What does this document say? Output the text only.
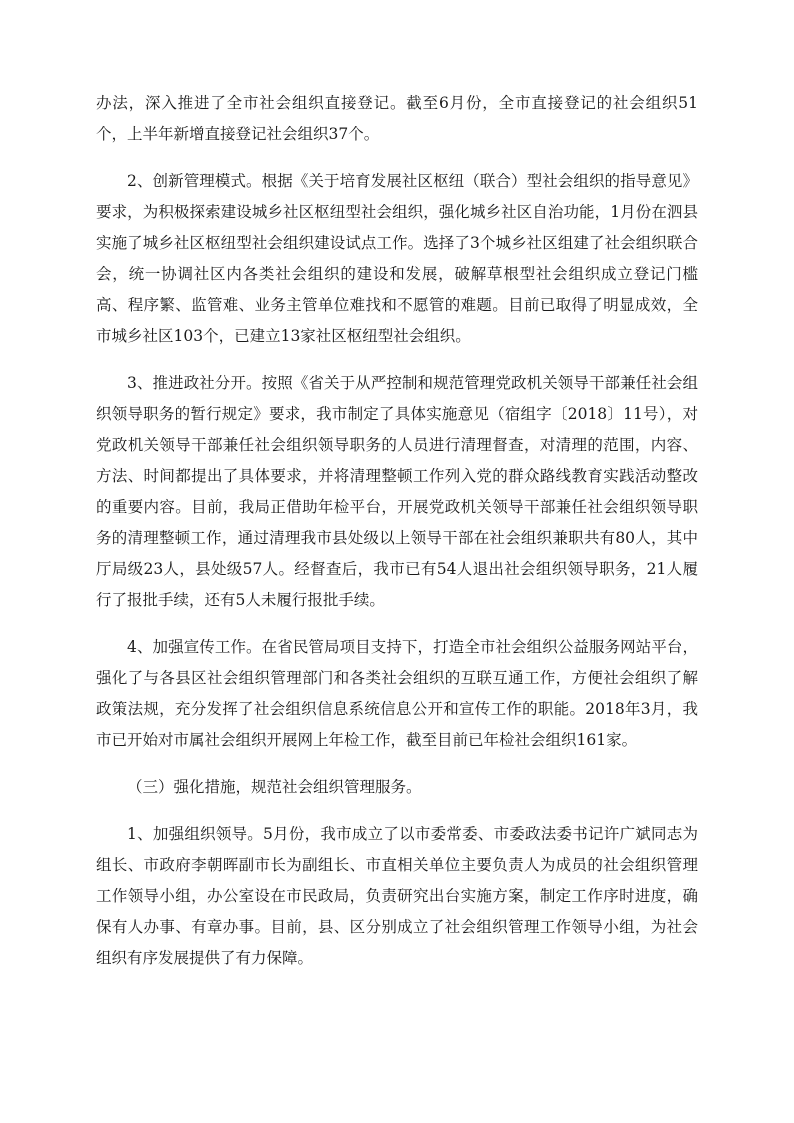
办法，深入推进了全市社会组织直接登记。截至6月份，全市直接登记的社会组织51个，上半年新增直接登记社会组织37个。

2、创新管理模式。根据《关于培育发展社区枢纽（联合）型社会组织的指导意见》要求，为积极探索建设城乡社区枢纽型社会组织，强化城乡社区自治功能，1月份在泗县实施了城乡社区枢纽型社会组织建设试点工作。选择了3个城乡社区组建了社会组织联合会，统一协调社区内各类社会组织的建设和发展，破解草根型社会组织成立登记门槛高、程序繁、监管难、业务主管单位难找和不愿管的难题。目前已取得了明显成效，全市城乡社区103个，已建立13家社区枢纽型社会组织。

3、推进政社分开。按照《省关于从严控制和规范管理党政机关领导干部兼任社会组织领导职务的暂行规定》要求，我市制定了具体实施意见（宿组字〔2018〕11号），对党政机关领导干部兼任社会组织领导职务的人员进行清理督查，对清理的范围，内容、方法、时间都提出了具体要求，并将清理整顿工作列入党的群众路线教育实践活动整改的重要内容。目前，我局正借助年检平台，开展党政机关领导干部兼任社会组织领导职务的清理整顿工作，通过清理我市县处级以上领导干部在社会组织兼职共有80人，其中厅局级23人，县处级57人。经督查后，我市已有54人退出社会组织领导职务，21人履行了报批手续，还有5人未履行报批手续。

4、加强宣传工作。在省民管局项目支持下，打造全市社会组织公益服务网站平台，强化了与各县区社会组织管理部门和各类社会组织的互联互通工作，方便社会组织了解政策法规，充分发挥了社会组织信息系统信息公开和宣传工作的职能。2018年3月，我市已开始对市属社会组织开展网上年检工作，截至目前已年检社会组织161家。

（三）强化措施，规范社会组织管理服务。

1、加强组织领导。5月份，我市成立了以市委常委、市委政法委书记许广斌同志为组长、市政府李朝晖副市长为副组长、市直相关单位主要负责人为成员的社会组织管理工作领导小组，办公室设在市民政局，负责研究出台实施方案，制定工作序时进度，确保有人办事、有章办事。目前，县、区分别成立了社会组织管理工作领导小组，为社会组织有序发展提供了有力保障。
